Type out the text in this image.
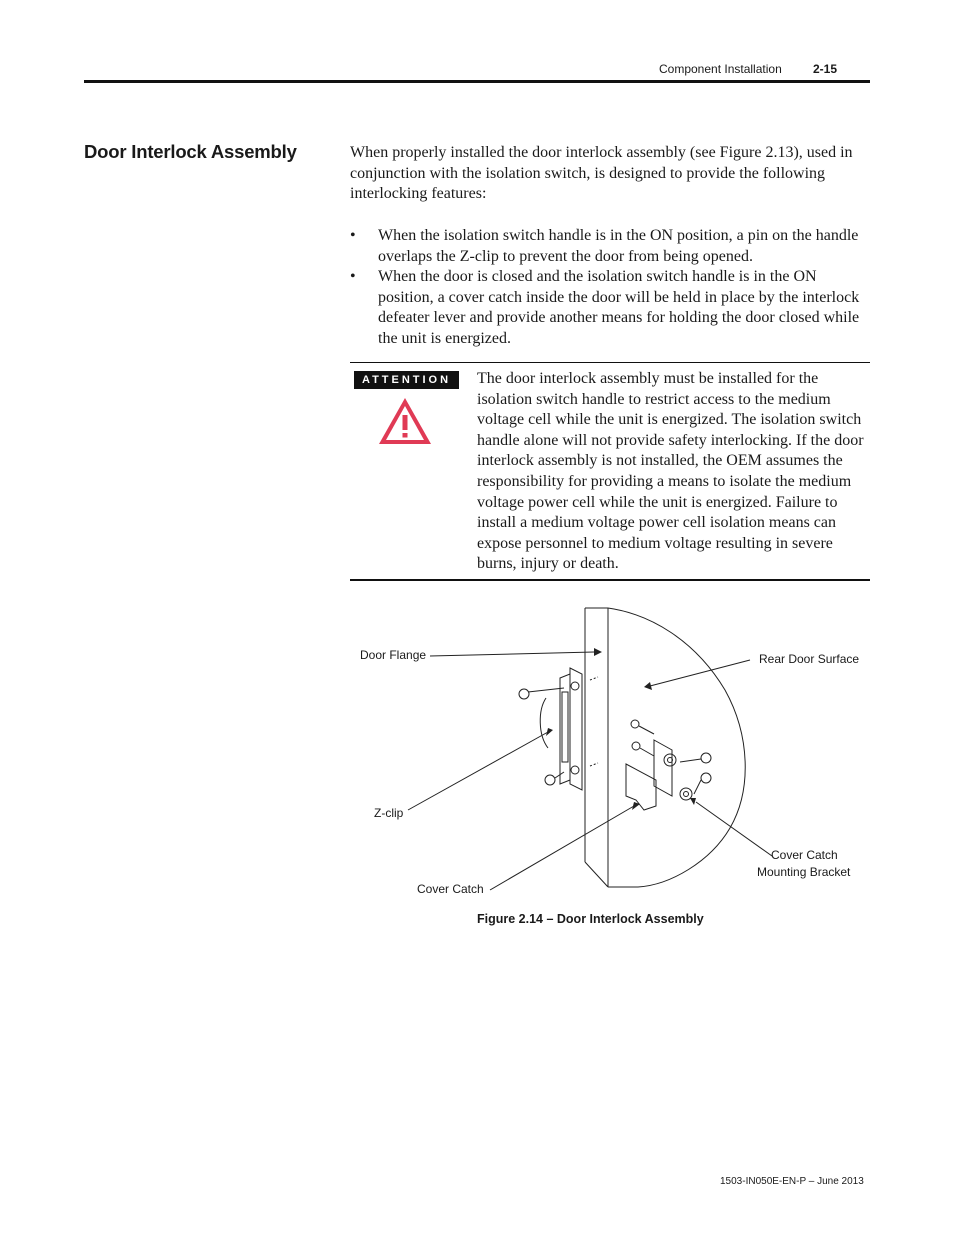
Component Installation	2-15
Door Interlock Assembly	When properly installed the door interlock assembly (see Figure 2.13), used in conjunction with the isolation switch, is designed to provide the following interlocking features:
• When the isolation switch handle is in the ON position, a pin on the handle overlaps the Z-clip to prevent the door from being opened.
• When the door is closed and the isolation switch handle is in the ON position, a cover catch inside the door will be held in place by the interlock defeater lever and provide another means for holding the door closed while the unit is energized.
ATTENTION	The door interlock assembly must be installed for the isolation switch handle to restrict access to the medium voltage cell while the unit is energized. The isolation switch handle alone will not provide safety interlocking. If the door interlock assembly is not installed, the OEM assumes the responsibility for providing a means to isolate the medium voltage power cell while the unit is energized. Failure to install a medium voltage power cell isolation means can expose personnel to medium voltage resulting in severe burns, injury or death.
Door Flange	Rear Door Surface
Z-clip
Cover Catch
Cover Catch
Mounting Bracket
Figure 2.14 – Door Interlock Assembly
1503-IN050E-EN-P – June 2013
